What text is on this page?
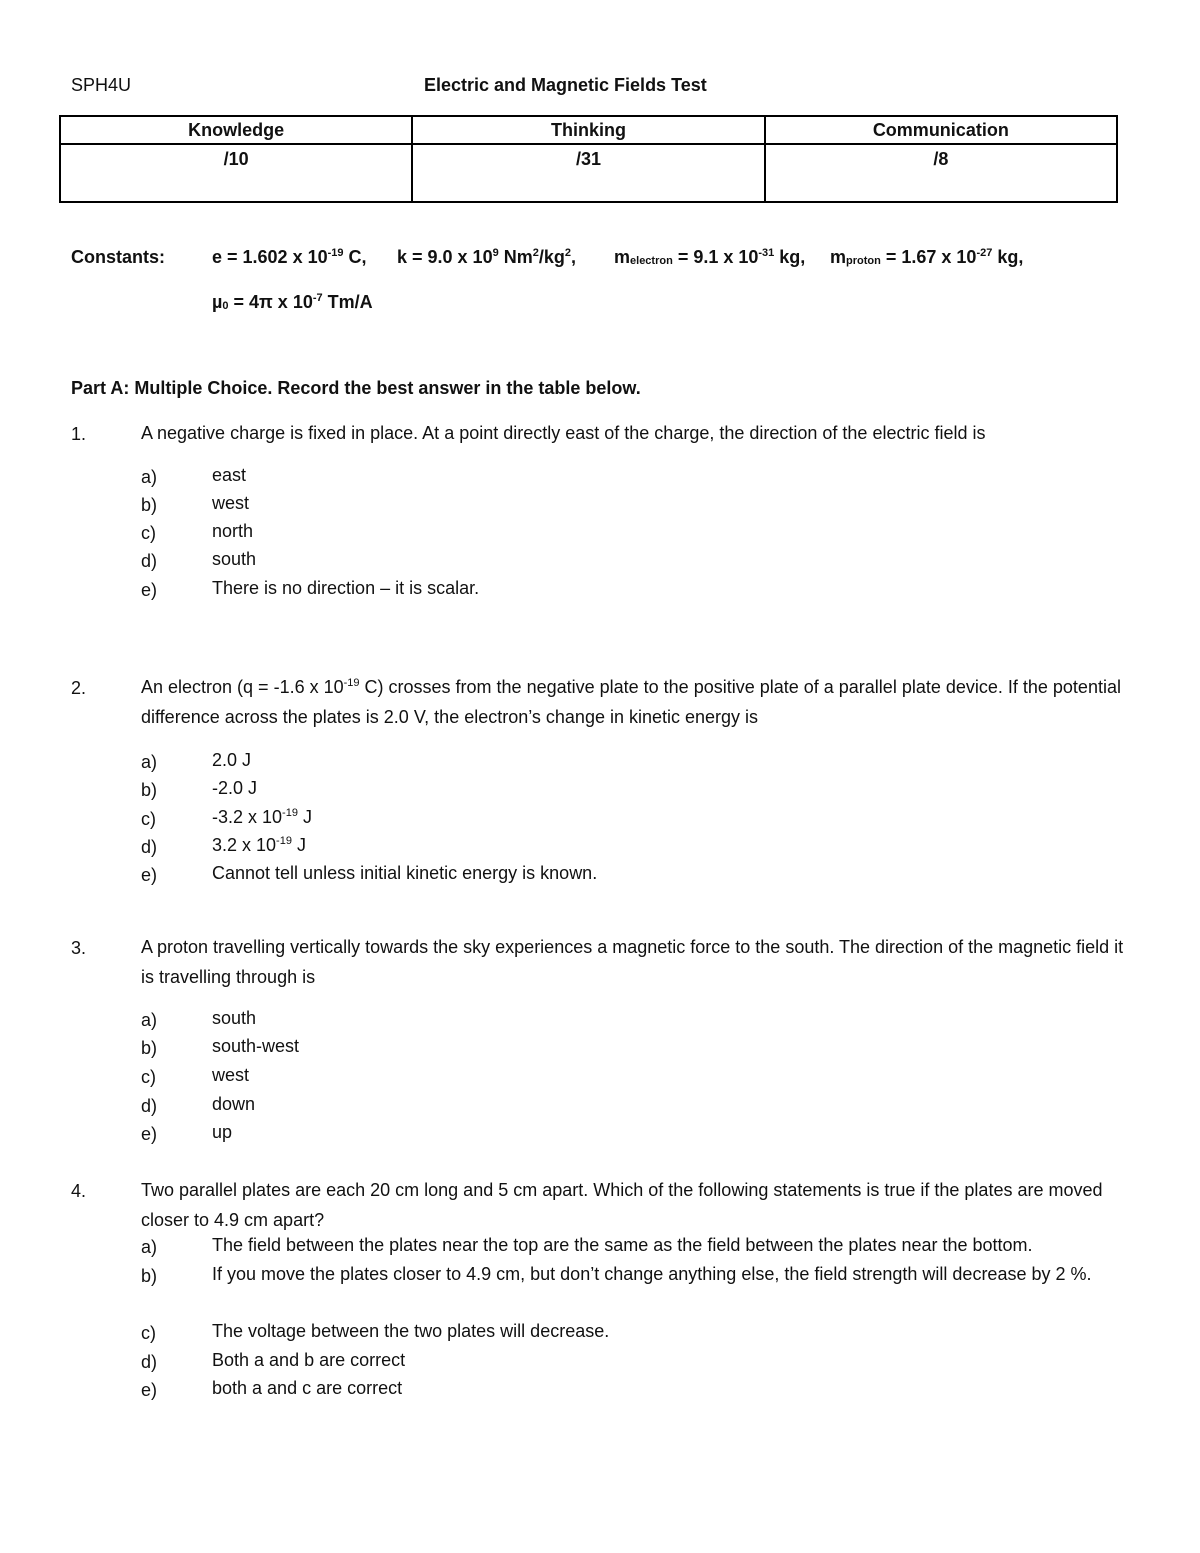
SPH4U	Electric and Magnetic Fields Test
Knowledge	Thinking	Communication
/10	/31	/8
Constants:	e = 1.602 x $10^{-19}$ C, k = 9.0 x $10^9$ $Nm^2/kg^2$, $m_{electron} = 9.1$ x $10^{-31}$ kg, $m_{proton} = 1.67$ x $10^{-27}$ kg,
µ$_0$ = 4π x $10^{-7}$ Tm/A
Part A: Multiple Choice. Record the best answer in the table below.
1.	A negative charge is fixed in place. At a point directly east of the charge, the direction of the electric field is
a)	east
b)	west
c)	north
d)	south
e)	There is no direction – it is scalar.
2.	An electron (q = -1.6 x $10^{-19}$ C) crosses from the negative plate to the positive plate of a parallel plate device. If the potential difference across the plates is 2.0 V, the electron’s change in kinetic energy is
a)	2.0 J
b)	-2.0 J
c)	-3.2 x $10^{-19}$ J
d)	3.2 x $10^{-19}$ J
e)	Cannot tell unless initial kinetic energy is known.
3.	A proton travelling vertically towards the sky experiences a magnetic force to the south. The direction of the magnetic field it is travelling through is
a)	south
b)	south-west
c)	west
d)	down
e)	up
4.	Two parallel plates are each 20 cm long and 5 cm apart. Which of the following statements is true if the plates are moved closer to 4.9 cm apart?
a)	The field between the plates near the top are the same as the field between the plates near the bottom.
b)	If you move the plates closer to 4.9 cm, but don’t change anything else, the field strength will decrease by 2 %.
c)	The voltage between the two plates will decrease.
d)	Both a and b are correct
e)	both a and c are correct
